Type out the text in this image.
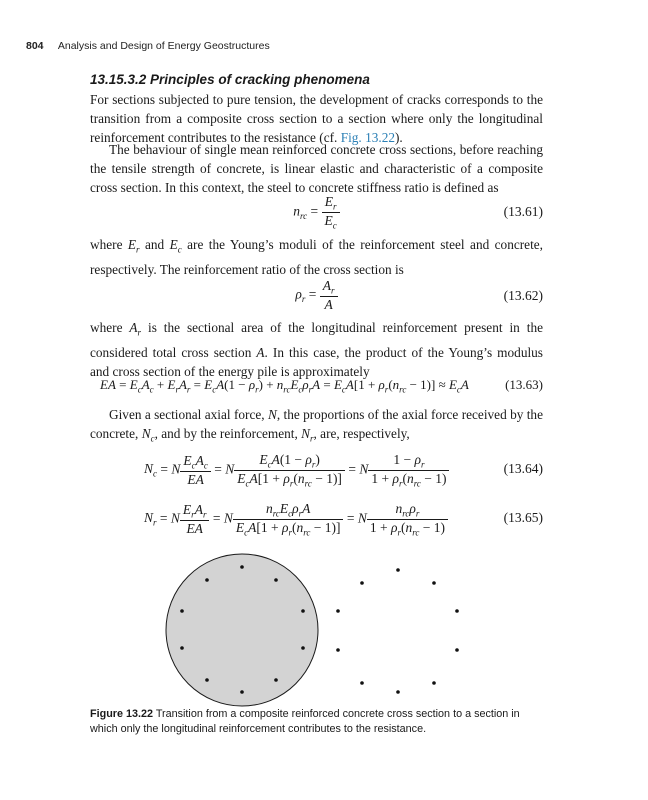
804 Analysis and Design of Energy Geostructures
13.15.3.2 Principles of cracking phenomena

For sections subjected to pure tension, the development of cracks corresponds to the transition from a composite cross section to a section where only the longitudinal reinforcement contributes to the resistance (cf. Fig. 13.22).

The behaviour of single mean reinforced concrete cross sections, before reaching the tensile strength of concrete, is linear elastic and characteristic of a composite cross section. In this context, the steel to concrete stiffness ratio is defined as

$n_{rc} = \frac{E_r}{E_c}$	(13.61)

where $E_r$ and $E_c$ are the Young’s moduli of the reinforcement steel and concrete, respectively. The reinforcement ratio of the cross section is

$\rho_r = \frac{A_r}{A}$	(13.62)

where $A_r$ is the sectional area of the longitudinal reinforcement present in the considered total cross section A. In this case, the product of the Young’s modulus and cross section of the energy pile is approximately

EA = $E_cA_c + E_rA_r = E_cA(1 - \rho_r) + n_{rc}E_c\rho_rA = E_cA[1 + \rho_r(n_{rc} - 1)] \approx E_cA$	(13.63)

Given a sectional axial force, N, the proportions of the axial force received by the concrete, $N_c$, and by the reinforcement, $N_r$, are, respectively,

$N_c = N \frac{E_cA_c}{EA} = N \frac{E_cA(1 - \rho_r)}{E_cA[1 + \rho_r(n_{rc} - 1)]} = N \frac{1 - \rho_r}{1 + \rho_r(n_{rc} - 1)}$	(13.64)
$N_r = N \frac{E_rA_r}{EA} = N \frac{n_{rc}E_c\rho_rA}{E_cA[1 + \rho_r(n_{rc} - 1)]} = N \frac{n_{rc}\rho_r}{1 + \rho_r(n_{rc} - 1)}$	(13.65)
Figure 13.22 Transition from a composite reinforced concrete cross section to a section in which only the longitudinal reinforcement contributes to the resistance.
